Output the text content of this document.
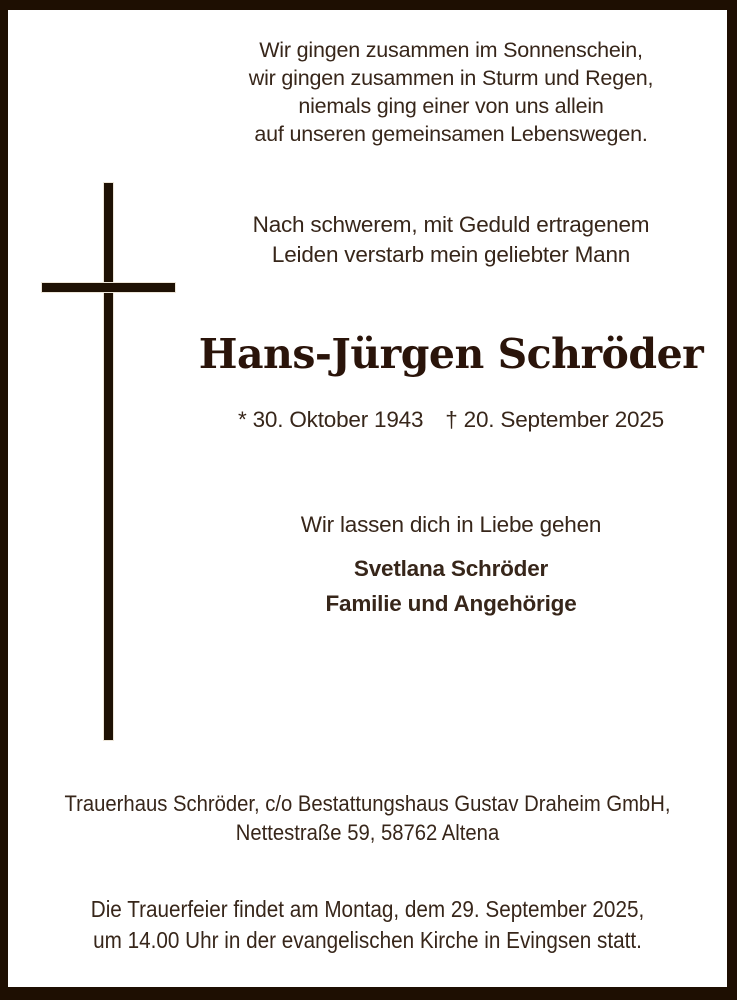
Wir gingen zusammen im Sonnenschein,
wir gingen zusammen in Sturm und Regen,
niemals ging einer von uns allein
auf unseren gemeinsamen Lebenswegen.
Nach schwerem, mit Geduld ertragenem
Leiden verstarb mein geliebter Mann
Hans-Jürgen Schröder
* 30. Oktober 1943 † 20. September 2025
Wir lassen dich in Liebe gehen
Svetlana Schröder
Familie und Angehörige
Trauerhaus Schröder, c/o Bestattungshaus Gustav Draheim GmbH,
Nettestraße 59, 58762 Altena
Die Trauerfeier findet am Montag, dem 29. September 2025,
um 14.00 Uhr in der evangelischen Kirche in Evingsen statt.
